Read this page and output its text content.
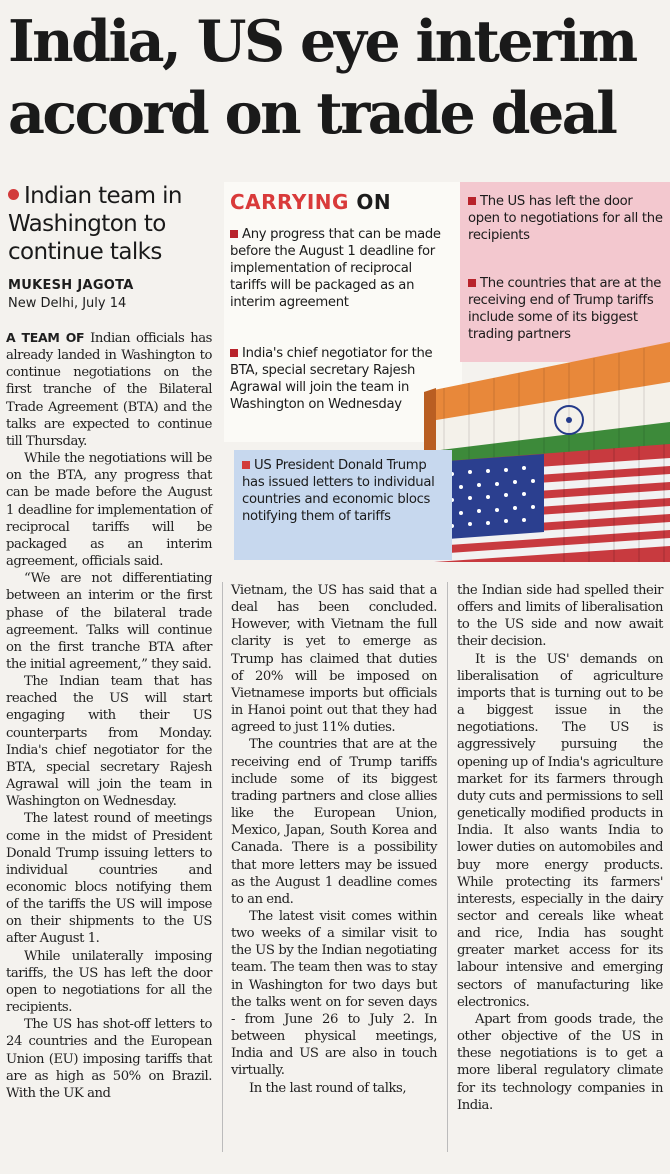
India, US eye interim accord on trade deal
Indian team in Washington to continue talks
MUKESH JAGOTA
New Delhi, July 14
CARRYING ON
Any progress that can be made before the August 1 deadline for implementation of reciprocal tariffs will be packaged as an interim agreement
India's chief negotiator for the BTA, special secretary Rajesh Agrawal will join the team in Washington on Wednesday
US President Donald Trump has issued letters to individual countries and economic blocs notifying them of tariffs
The US has left the door open to negotiations for all the recipients
The countries that are at the receiving end of Trump tariffs include some of its biggest trading partners

A TEAM OF Indian officials has already landed in Washington to continue negotiations on the first tranche of the Bilateral Trade Agreement (BTA) and the talks are expected to continue till Thursday.

While the negotiations will be on the BTA, any progress that can be made before the August 1 deadline for implementation of reciprocal tariffs will be packaged as an interim agreement, officials said.

“We are not differentiating between an interim or the first phase of the bilateral trade agreement. Talks will continue on the first tranche BTA after the initial agreement,” they said.

The Indian team that has reached the US will start engaging with their US counterparts from Monday. India's chief negotiator for the BTA, special secretary Rajesh Agrawal will join the team in Washington on Wednesday.

The latest round of meetings come in the midst of President Donald Trump issuing letters to individual countries and economic blocs notifying them of the tariffs the US will impose on their shipments to the US after August 1.

While unilaterally imposing tariffs, the US has left the door open to negotiations for all the recipients.

The US has shot-off letters to 24 countries and the European Union (EU) imposing tariffs that are as high as 50% on Brazil. With the UK and

Vietnam, the US has said that a deal has been concluded. However, with Vietnam the full clarity is yet to emerge as Trump has claimed that duties of 20% will be imposed on Vietnamese imports but officials in Hanoi point out that they had agreed to just 11% duties.

The countries that are at the receiving end of Trump tariffs include some of its biggest trading partners and close allies like the European Union, Mexico, Japan, South Korea and Canada. There is a possibility that more letters may be issued as the August 1 deadline comes to an end.

The latest visit comes within two weeks of a similar visit to the US by the Indian negotiating team. The team then was to stay in Washington for two days but the talks went on for seven days - from June 26 to July 2. In between physical meetings, India and US are also in touch virtually.

In the last round of talks,

the Indian side had spelled their offers and limits of liberalisation to the US side and now await their decision.

It is the US' demands on liberalisation of agriculture imports that is turning out to be a biggest issue in the negotiations. The US is aggressively pursuing the opening up of India's agriculture market for its farmers through duty cuts and permissions to sell genetically modified products in India. It also wants India to lower duties on automobiles and buy more energy products. While protecting its farmers' interests, especially in the dairy sector and cereals like wheat and rice, India has sought greater market access for its labour intensive and emerging sectors of manufacturing like electronics.

Apart from goods trade, the other objective of the US in these negotiations is to get a more liberal regulatory climate for its technology companies in India.
